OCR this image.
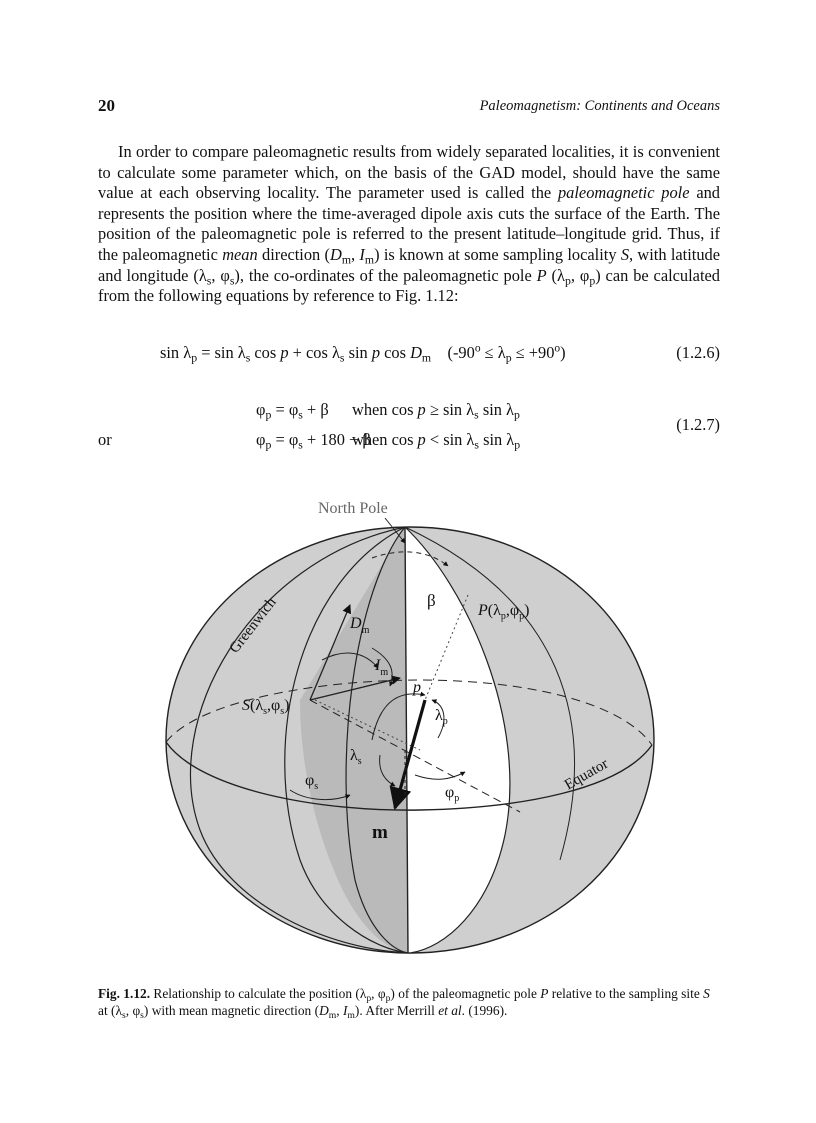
20	Paleomagnetism: Continents and Oceans

In order to compare paleomagnetic results from widely separated localities, it is convenient to calculate some parameter which, on the basis of the GAD model, should have the same value at each observing locality. The parameter used is called the paleomagnetic pole and represents the position where the time-averaged dipole axis cuts the surface of the Earth. The position of the paleomagnetic pole is referred to the present latitude–longitude grid. Thus, if the paleomagnetic mean direction ($D_m$, $I_m$) is known at some sampling locality S, with latitude and longitude ($\lambda_s$, $\varphi_s$), the co-ordinates of the paleomagnetic pole P ($\lambda_p$, $\varphi_p$) can be calculated from the following equations by reference to Fig. 1.12:

$\sin \lambda_p = \sin \lambda_s$ $\cos p + \cos \lambda_s$ sin p $\cos D_m$ $(-90^o \le \lambda_p \le +90^o)$	(1.2.6)
$\varphi_p = \varphi_s + \beta$ when $\cos p \ge \sin \lambda_s$ $\sin \lambda_p$
or	$\varphi_p = \varphi_s + 180 - \beta$
when $\cos p < \sin \lambda_s$ $\sin \lambda_p$
(1.2.7)
North Pole
Greenwich
Equator
β
$P(\lambda_p,\varphi_p)$
$D_m$
$I_m$
$S(\lambda_s,\varphi_s)$
p
$\lambda_p$
$\lambda_s$
$\varphi_s$	$\varphi_p$
m

Fig. 1.12. Relationship to calculate the position ($\lambda_p$, $\varphi_p$) of the paleomagnetic pole P relative to the sampling site S at ($\lambda_s$, $\varphi_s$) with mean magnetic direction ($D_m$, $I_m$). After Merrill et al. (1996).
